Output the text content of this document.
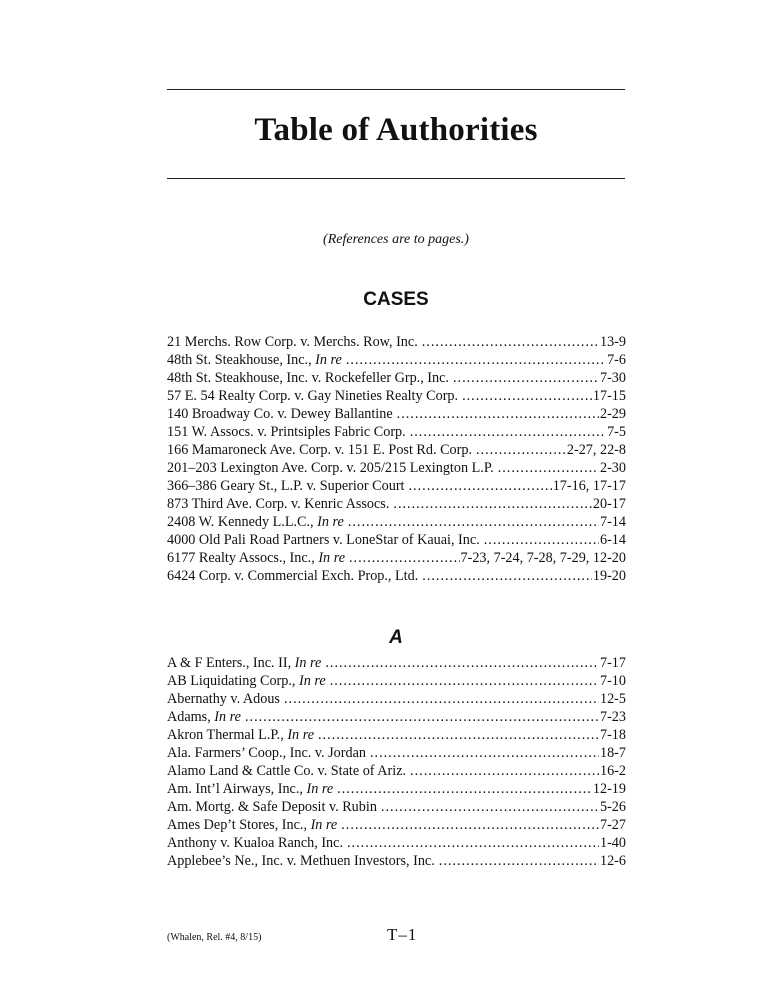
Table of Authorities
(References are to pages.)
CASES
21 Merchs. Row Corp. v. Merchs. Row, Inc. .....	13-9
48th St. Steakhouse, Inc., In re .....	7-6
48th St. Steakhouse, Inc. v. Rockefeller Grp., Inc. .....	7-30
57 E. 54 Realty Corp. v. Gay Nineties Realty Corp. .....	17-15
140 Broadway Co. v. Dewey Ballantine .....	2-29
151 W. Assocs. v. Printsiples Fabric Corp. .....	7-5
166 Mamaroneck Ave. Corp. v. 151 E. Post Rd. Corp. .....	2-27, 22-8
201–203 Lexington Ave. Corp. v. 205/215 Lexington L.P. .....	2-30
366–386 Geary St., L.P. v. Superior Court .....	17-16, 17-17
873 Third Ave. Corp. v. Kenric Assocs. .....	20-17
2408 W. Kennedy L.L.C., In re .....	7-14
4000 Old Pali Road Partners v. LoneStar of Kauai, Inc. .....	6-14
6177 Realty Assocs., Inc., In re .....	7-23, 7-24, 7-28, 7-29, 12-20
6424 Corp. v. Commercial Exch. Prop., Ltd. .....	19-20
A
A & F Enters., Inc. II, In re .....	7-17
AB Liquidating Corp., In re .....	7-10
Abernathy v. Adous .....	12-5
Adams, In re .....	7-23
Akron Thermal L.P., In re .....	7-18
Ala. Farmers’ Coop., Inc. v. Jordan .....	18-7
Alamo Land & Cattle Co. v. State of Ariz. .....	16-2
Am. Int’l Airways, Inc., In re .....	12-19
Am. Mortg. & Safe Deposit v. Rubin .....	5-26
Ames Dep’t Stores, Inc., In re .....	7-27
Anthony v. Kualoa Ranch, Inc. .....	1-40
Applebee’s Ne., Inc. v. Methuen Investors, Inc. .....	12-6
(Whalen, Rel. #4, 8/15)	T–1
